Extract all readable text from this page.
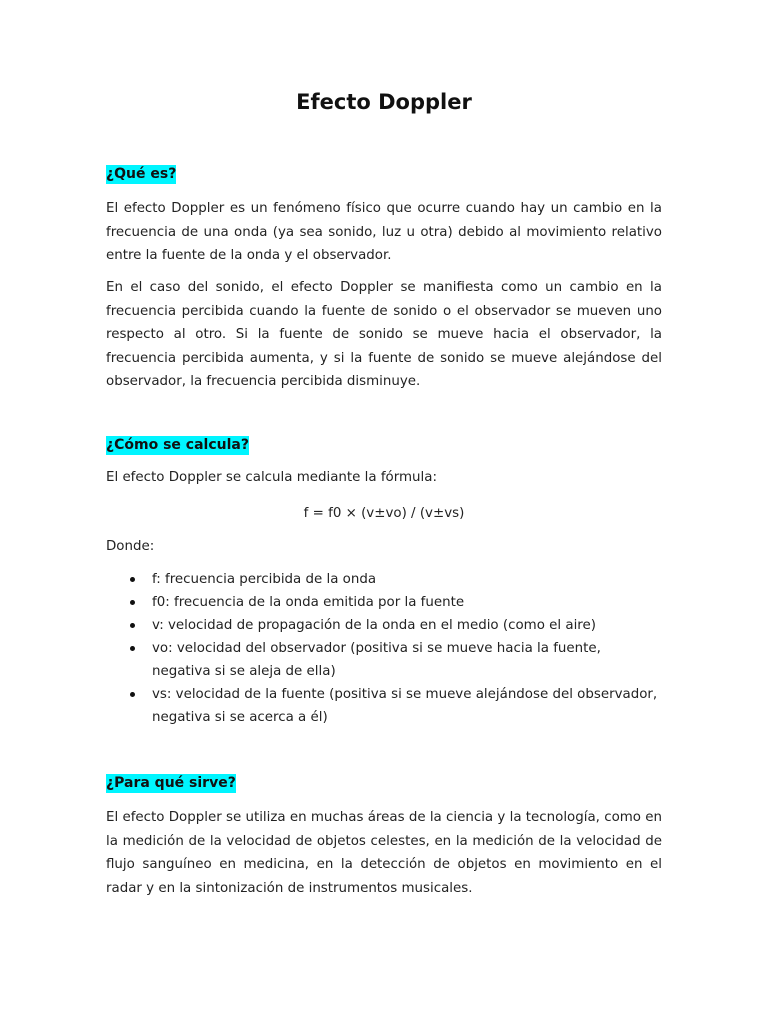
Efecto Doppler
¿Qué es?

El efecto Doppler es un fenómeno físico que ocurre cuando hay un cambio en la frecuencia de una onda (ya sea sonido, luz u otra) debido al movimiento relativo entre la fuente de la onda y el observador.

En el caso del sonido, el efecto Doppler se manifiesta como un cambio en la frecuencia percibida cuando la fuente de sonido o el observador se mueven uno respecto al otro. Si la fuente de sonido se mueve hacia el observador, la frecuencia percibida aumenta, y si la fuente de sonido se mueve alejándose del observador, la frecuencia percibida disminuye.

¿Cómo se calcula?

El efecto Doppler se calcula mediante la fórmula:

f = f0 × (v±vo) / (v±vs)

Donde:

f: frecuencia percibida de la onda
f0: frecuencia de la onda emitida por la fuente
v: velocidad de propagación de la onda en el medio (como el aire)
vo: velocidad del observador (positiva si se mueve hacia la fuente, negativa si se aleja de ella)
vs: velocidad de la fuente (positiva si se mueve alejándose del observador, negativa si se acerca a él)
¿Para qué sirve?

El efecto Doppler se utiliza en muchas áreas de la ciencia y la tecnología, como en la medición de la velocidad de objetos celestes, en la medición de la velocidad de flujo sanguíneo en medicina, en la detección de objetos en movimiento en el radar y en la sintonización de instrumentos musicales.
